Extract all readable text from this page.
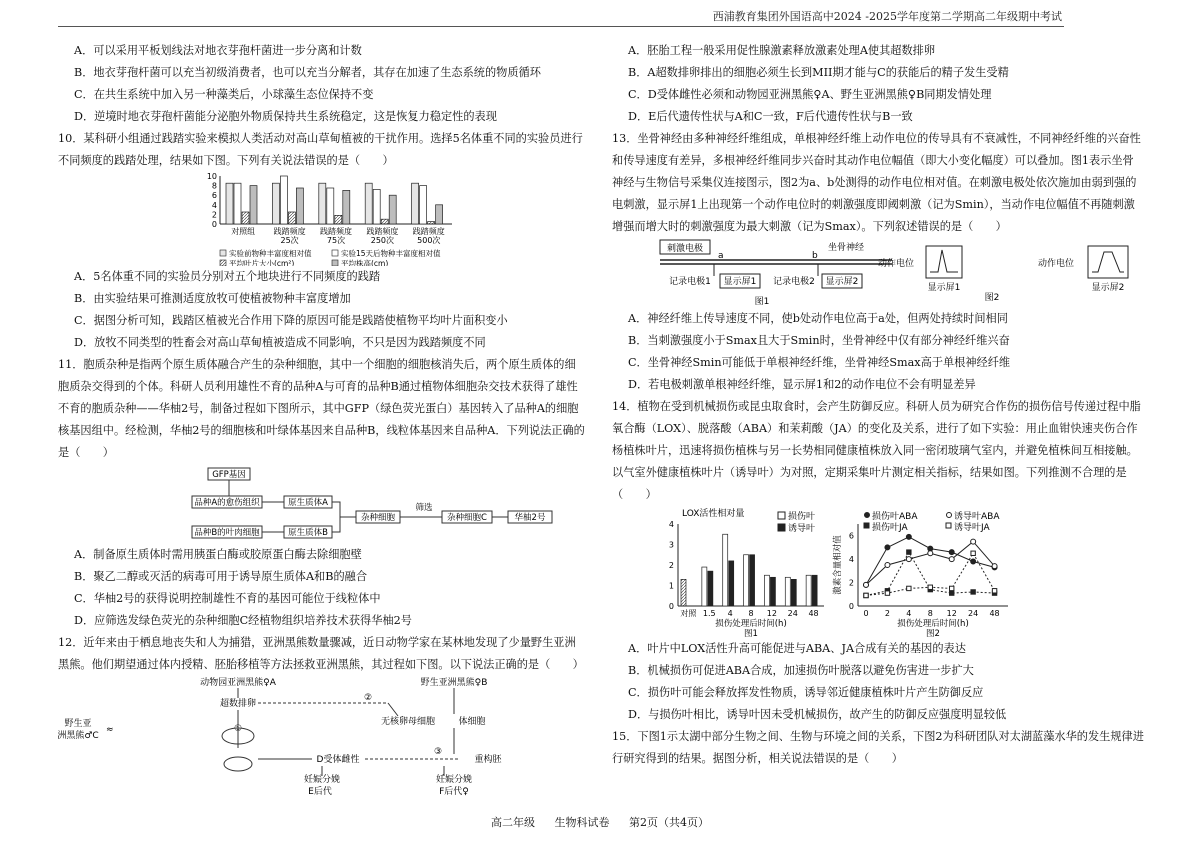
西浦教育集团外国语高中2024 -2025学年度第二学期高二年级期中考试

A．可以采用平板划线法对地衣芽孢杆菌进一步分离和计数

B．地衣芽孢杆菌可以充当初级消费者，也可以充当分解者，其存在加速了生态系统的物质循环

C．在共生系统中加入另一种藻类后，小球藻生态位保持不变

D．逆境时地衣芽孢杆菌能分泌胞外物质保持共生系统稳定，这是恢复力稳定性的表现

10．某科研小组通过践踏实验来模拟人类活动对高山草甸植被的干扰作用。选择5名体重不同的实验员进行不同频度的践踏处理，结果如下图。下列有关说法错误的是（　　）

10
8
6
4
2
0
对照组 践踏频度
25次
践踏频度
75次
践踏频度
250次
践踏频度
500次
实验前物种丰富度相对值	实验15天后物种丰富度相对值
平均叶片大小(cm²)	平均株高(cm)

A．5名体重不同的实验员分别对五个地块进行不同频度的践踏

B．由实验结果可推测适度放牧可使植被物种丰富度增加

C．据图分析可知，践踏区植被光合作用下降的原因可能是践踏使植物平均叶片面积变小

D．放牧不同类型的牲畜会对高山草甸植被造成不同影响，不只是因为践踏频度不同

11．胞质杂种是指两个原生质体融合产生的杂种细胞，其中一个细胞的细胞核消失后，两个原生质体的细胞质杂交得到的个体。科研人员利用雄性不育的品种A与可育的品种B通过植物体细胞杂交技术获得了雄性不育的胞质杂种——华柚2号，制备过程如下图所示，其中GFP（绿色荧光蛋白）基因转入了品种A的细胞核基因组中。经检测，华柚2号的细胞核和叶绿体基因来自品种B，线粒体基因来自品种A．下列说法正确的是（　　）

GFP基因
品种A的愈伤组织	原生质体A
品种B的叶肉细胞	原生质体B
杂种细胞
筛选
杂种细胞C	华柚2号

A．制备原生质体时需用胰蛋白酶或胶原蛋白酶去除细胞壁

B．聚乙二醇或灭活的病毒可用于诱导原生质体A和B的融合

C．华柚2号的获得说明控制雄性不育的基因可能位于线粒体中

D．应筛选发绿色荧光的杂种细胞C经植物组织培养技术获得华柚2号

12．近年来由于栖息地丧失和人为捕猎，亚洲黑熊数量骤减，近日动物学家在某林地发现了少量野生亚洲黑熊。他们期望通过体内授精、胚胎移植等方法拯救亚洲黑熊，其过程如下图。以下说法正确的是（　　）

动物园亚洲黑熊♀A	野生亚洲黑熊♀B
超数排卵
②
无核卵母细胞	体细胞
野生亚
洲黑熊♂C
≈	①
③
D受体雌性	重构胚
妊娠分娩	妊娠分娩
E后代	F后代♀

A．胚胎工程一般采用促性腺激素释放激素处理A使其超数排卵

B．A超数排卵排出的细胞必须生长到MII期才能与C的获能后的精子发生受精

C．D受体雌性必须和动物园亚洲黑熊♀A、野生亚洲黑熊♀B同期发情处理

D．E后代遗传性状与A和C一致，F后代遗传性状与B一致

13．坐骨神经由多种神经纤维组成，单根神经纤维上动作电位的传导具有不衰减性，不同神经纤维的兴奋性和传导速度有差异，多根神经纤维同步兴奋时其动作电位幅值（即大小变化幅度）可以叠加。图1表示坐骨神经与生物信号采集仪连接图示，图2为a、b处测得的动作电位相对值。在刺激电极处依次施加由弱到强的电刺激，显示屏1上出现第一个动作电位时的刺激强度即阈刺激（记为Smin），当动作电位幅值不再随刺激增强而增大时的刺激强度为最大刺激（记为Smax）。下列叙述错误的是（　　）

刺激电极	坐骨神经
a	b
记录电极1 显示屏1 记录电极2 显示屏2
图1
动作电位
显示屏1
动作电位
显示屏2
图2

A．神经纤维上传导速度不同，使b处动作电位高于a处，但两处持续时间相同

B．当刺激强度小于Smax且大于Smin时，坐骨神经中仅有部分神经纤维兴奋

C．坐骨神经Smin可能低于单根神经纤维，坐骨神经Smax高于单根神经纤维

D．若电极刺激单根神经纤维，显示屏1和2的动作电位不会有明显差异

14．植物在受到机械损伤或昆虫取食时，会产生防御反应。科研人员为研究合作伤的损伤信号传递过程中脂氧合酶（LOX）、脱落酸（ABA）和茉莉酸（JA）的变化及关系，进行了如下实验：用止血钳快速夹伤合作杨植株叶片，迅速将损伤植株与另一长势相同健康植株放入同一密闭玻璃气室内，并避免植株间互相接触。以气室外健康植株叶片（诱导叶）为对照，定期采集叶片测定相关指标，结果如图。下列推测不合理的是（　　）

LOX活性相对量
0
1
2
3
4
对照 1.5 4 8 12 24 48
损伤叶
诱导叶
损伤处理后时间(h)
图1
0
2
4
6
激素含量相对值
0 2 4 8 12 24 48
损伤叶ABA	诱导叶ABA
损伤叶JA	诱导叶JA
损伤处理后时间(h)
图2

A．叶片中LOX活性升高可能促进与ABA、JA合成有关的基因的表达

B．机械损伤可促进ABA合成，加速损伤叶脱落以避免伤害进一步扩大

C．损伤叶可能会释放挥发性物质，诱导邻近健康植株叶片产生防御反应

D．与损伤叶相比，诱导叶因未受机械损伤，故产生的防御反应强度明显较低

15．下图1示太湖中部分生物之间、生物与环境之间的关系，下图2为科研团队对太湖蓝藻水华的发生规律进行研究得到的结果。据图分析，相关说法错误的是（　　）

高二年级 生物科试卷 第2页（共4页）
